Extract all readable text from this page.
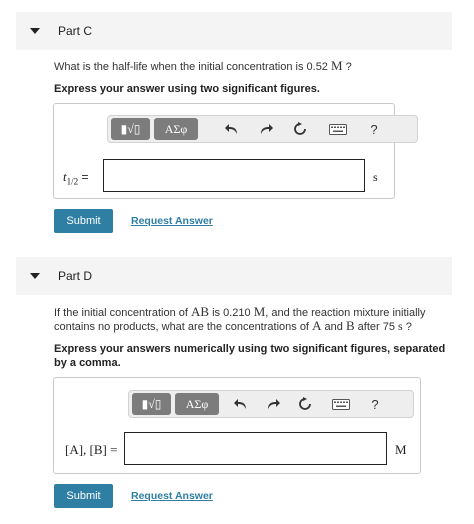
Part C
What is the half-life when the initial concentration is 0.52 M ?
Express your answer using two significant figures.
▮√▯ ΑΣφ	?
$t_{1/2}$ =	s
Submit	Request Answer
Part D
If the initial concentration of AB is 0.210 M, and the reaction mixture initially
contains no products, what are the concentrations of A and B after 75 s ?
Express your answers numerically using two significant figures, separated
by a comma.
▮√▯ ΑΣφ	?
[A], [B] =	M
Submit	Request Answer
